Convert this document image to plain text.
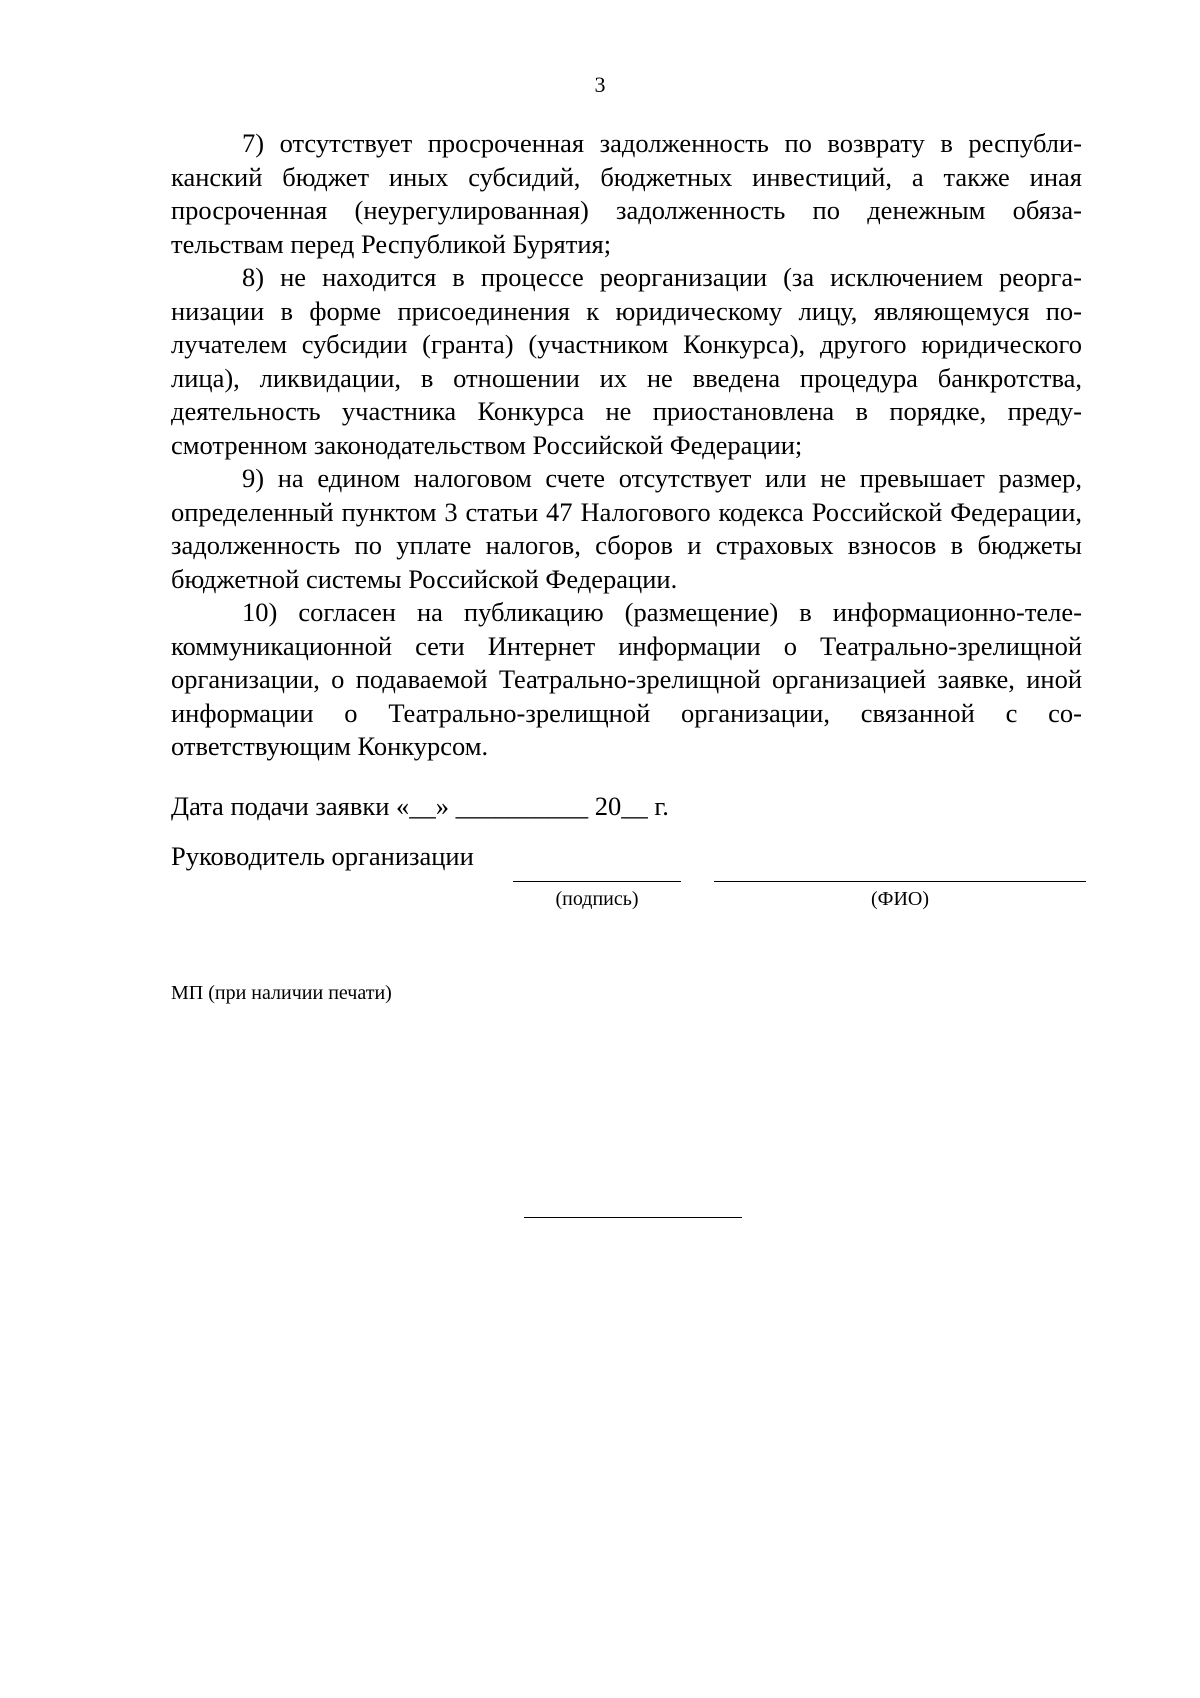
3

7) отсутствует просроченная задолженность по возврату в республиканский бюджет иных субсидий, бюджетных инвестиций, а также иная просроченная (неурегулированная) задолженность по денежным обязательствам перед Республикой Бурятия;

8) не находится в процессе реорганизации (за исключением реорганизации в форме присоединения к юридическому лицу, являющемуся получателем субсидии (гранта) (участником Конкурса), другого юридического лица), ликвидации, в отношении их не введена процедура банкротства, деятельность участника Конкурса не приостановлена в порядке, предусмотренном законодательством Российской Федерации;

9) на едином налоговом счете отсутствует или не превышает размер, определенный пунктом 3 статьи 47 Налогового кодекса Российской Федерации, задолженность по уплате налогов, сборов и страховых взносов в бюджеты бюджетной системы Российской Федерации.

10) согласен на публикацию (размещение) в информационно-телекоммуникационной сети Интернет информации о Театрально-зрелищной организации, о подаваемой Театрально-зрелищной организацией заявке, иной информации о Театрально-зрелищной организации, связанной с соответствующим Конкурсом.

Дата подачи заявки «__» __________ 20__ г.
Руководитель организации
(подпись)	(ФИО)
МП (при наличии печати)
